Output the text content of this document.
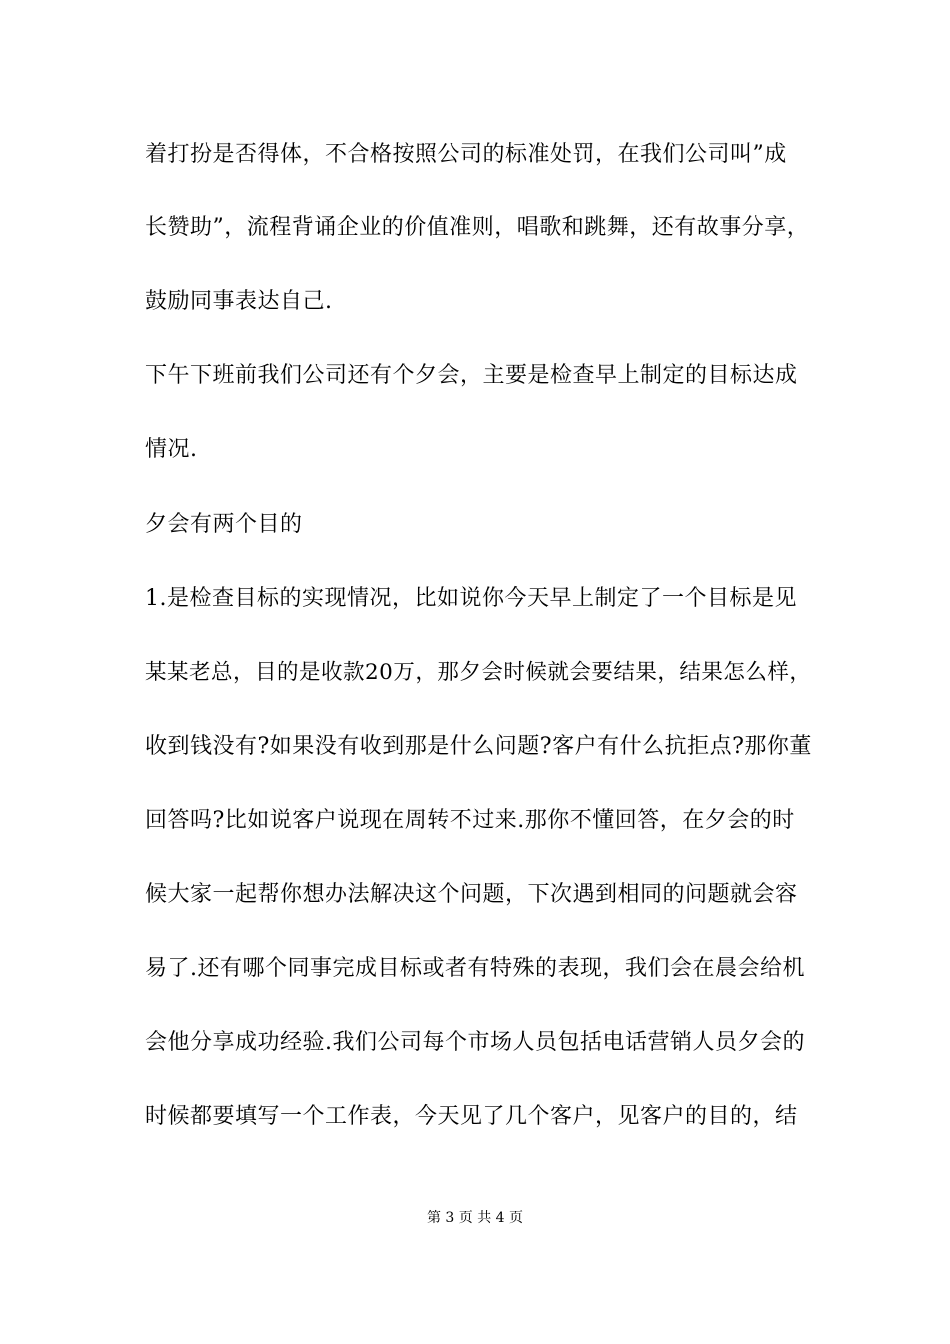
着打扮是否得体，不合格按照公司的标准处罚，在我们公司叫”成
长赞助”，流程背诵企业的价值准则，唱歌和跳舞，还有故事分享，
鼓励同事表达自己.
下午下班前我们公司还有个夕会，主要是检查早上制定的目标达成
情况.
夕会有两个目的
1.是检查目标的实现情况，比如说你今天早上制定了一个目标是见
某某老总，目的是收款20万，那夕会时候就会要结果，结果怎么样，
收到钱没有?如果没有收到那是什么问题?客户有什么抗拒点?那你董
回答吗?比如说客户说现在周转不过来.那你不懂回答，在夕会的时
候大家一起帮你想办法解决这个问题，下次遇到相同的问题就会容
易了.还有哪个同事完成目标或者有特殊的表现，我们会在晨会给机
会他分享成功经验.我们公司每个市场人员包括电话营销人员夕会的
时候都要填写一个工作表，今天见了几个客户，见客户的目的，结
第 3 页 共 4 页
